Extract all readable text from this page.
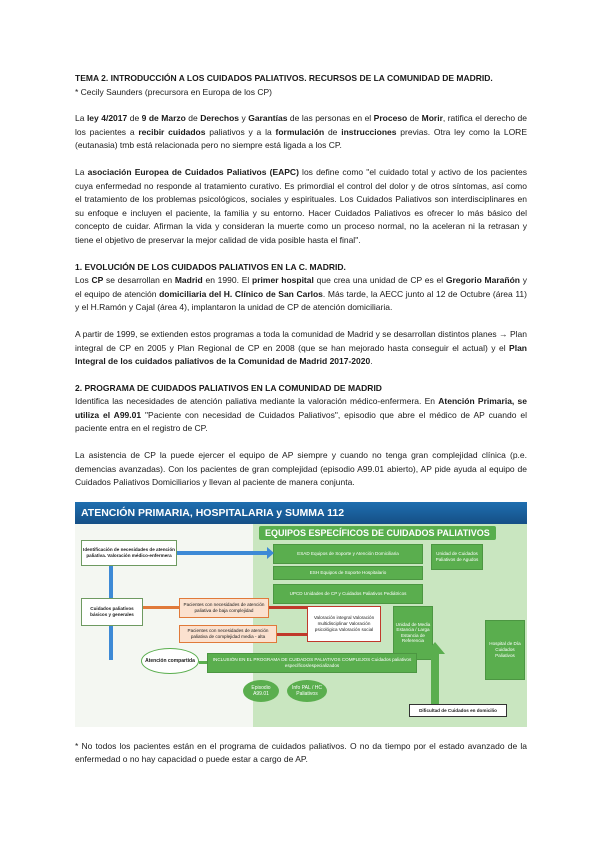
TEMA 2. INTRODUCCIÓN A LOS CUIDADOS PALIATIVOS. RECURSOS DE LA COMUNIDAD DE MADRID.

* Cecily Saunders (precursora en Europa de los CP)

La ley 4/2017 de 9 de Marzo de Derechos y Garantías de las personas en el Proceso de Morir, ratifica el derecho de los pacientes a recibir cuidados paliativos y a la formulación de instrucciones previas. Otra ley como la LORE (eutanasia) tmb está relacionada pero no siempre está ligada a los CP.

La asociación Europea de Cuidados Paliativos (EAPC) los define como "el cuidado total y activo de los pacientes cuya enfermedad no responde al tratamiento curativo. Es primordial el control del dolor y de otros síntomas, así como el tratamiento de los problemas psicológicos, sociales y espirituales. Los Cuidados Paliativos son interdisciplinares en su enfoque e incluyen el paciente, la familia y su entorno. Hacer Cuidados Paliativos es ofrecer lo más básico del concepto de cuidar. Afirman la vida y consideran la muerte como un proceso normal, no la aceleran ni la retrasan y tiene el objetivo de preservar la mejor calidad de vida posible hasta el final".

1. EVOLUCIÓN DE LOS CUIDADOS PALIATIVOS EN LA C. MADRID.

Los CP se desarrollan en Madrid en 1990. El primer hospital que crea una unidad de CP es el Gregorio Marañón y el equipo de atención domiciliaria del H. Clínico de San Carlos. Más tarde, la AECC junto al 12 de Octubre (área 11) y el H.Ramón y Cajal (área 4), implantaron la unidad de CP de atención domiciliaria.

A partir de 1999, se extienden estos programas a toda la comunidad de Madrid y se desarrollan distintos planes → Plan integral de CP en 2005 y Plan Regional de CP en 2008 (que se han mejorado hasta conseguir el actual) y el Plan Integral de los cuidados paliativos de la Comunidad de Madrid 2017-2020.

2. PROGRAMA DE CUIDADOS PALIATIVOS EN LA COMUNIDAD DE MADRID

Identifica las necesidades de atención paliativa mediante la valoración médico-enfermera. En Atención Primaria, se utiliza el A99.01 "Paciente con necesidad de Cuidados Paliativos", episodio que abre el médico de AP cuando el paciente entra en el registro de CP.

La asistencia de CP la puede ejercer el equipo de AP siempre y cuando no tenga gran complejidad clínica (p.e. demencias avanzadas). Con los pacientes de gran complejidad (episodio A99.01 abierto), AP pide ayuda al equipo de Cuidados Paliativos Domiciliarios y llevan al paciente de manera conjunta.

ATENCIÓN PRIMARIA, HOSPITALARIA y SUMMA 112
EQUIPOS ESPECÍFICOS DE CUIDADOS PALIATIVOS
Identificación de necesidades de atención paliativa. Valoración médico-enfermera
Cuidados paliativos básicos y generales
ESAD Equipos de Soporte y Atención Domiciliaria
ESH Equipos de Soporte Hospitalario
UPCD Unidades de CP y Cuidados Paliativos Pediátricos
Unidad de Cuidados Paliativos de Agudos
Unidad de Media Estancia / Larga Estancia de Referencia
Hospital de Día Cuidados Paliativos
Pacientes con necesidades de atención paliativa de baja complejidad
Pacientes con necesidades de atención paliativa de complejidad media - alta
Valoración integral Valoración multidisciplinar Valoración psicológica Valoración social
Atención compartida	INCLUSIÓN EN EL PROGRAMA DE CUIDADOS PALIATIVOS COMPLEJOS Cuidados paliativos específicos/especializados
Episodio A99.01
Info PAL / HC Paliativos
Dificultad de Cuidados en domicilio

* No todos los pacientes están en el programa de cuidados paliativos. O no da tiempo por el estado avanzado de la enfermedad o no hay capacidad o puede estar a cargo de AP.
